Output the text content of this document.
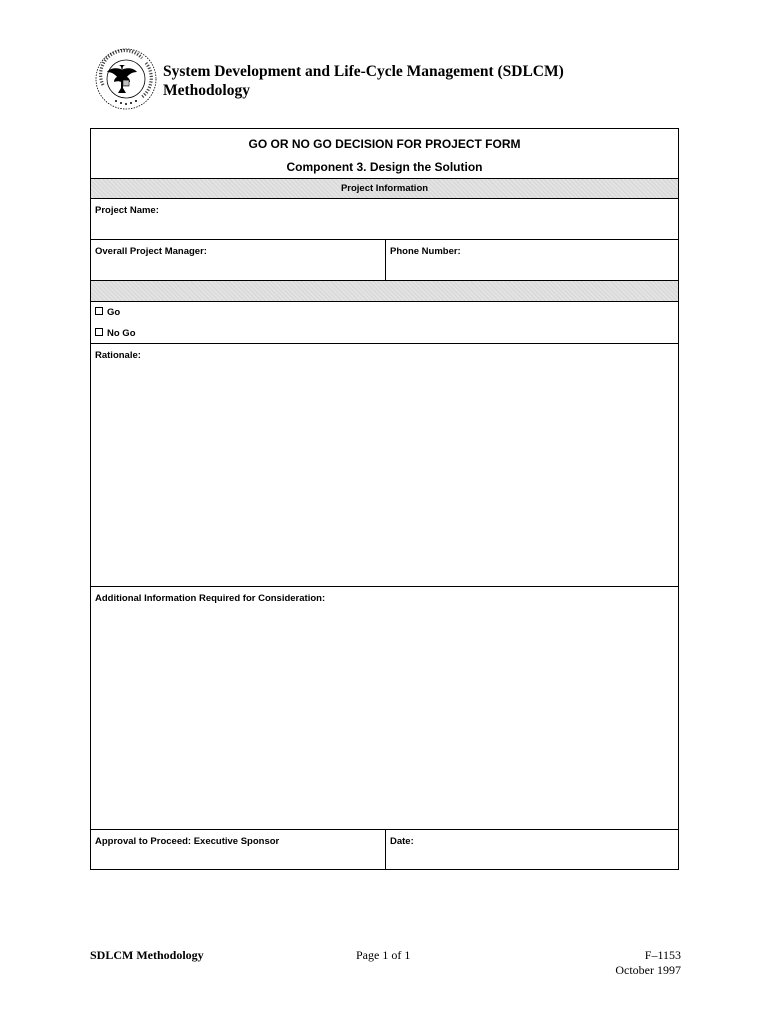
System Development and Life-Cycle Management (SDLCM)
Methodology
GO OR NO GO DECISION FOR PROJECT FORM
Component 3. Design the Solution
Project Information
Project Name:
Overall Project Manager:	Phone Number:
Go
No Go
Rationale:
Additional Information Required for Consideration:
Approval to Proceed: Executive Sponsor	Date:
SDLCM Methodology	Page 1 of 1	F–1153
October 1997
